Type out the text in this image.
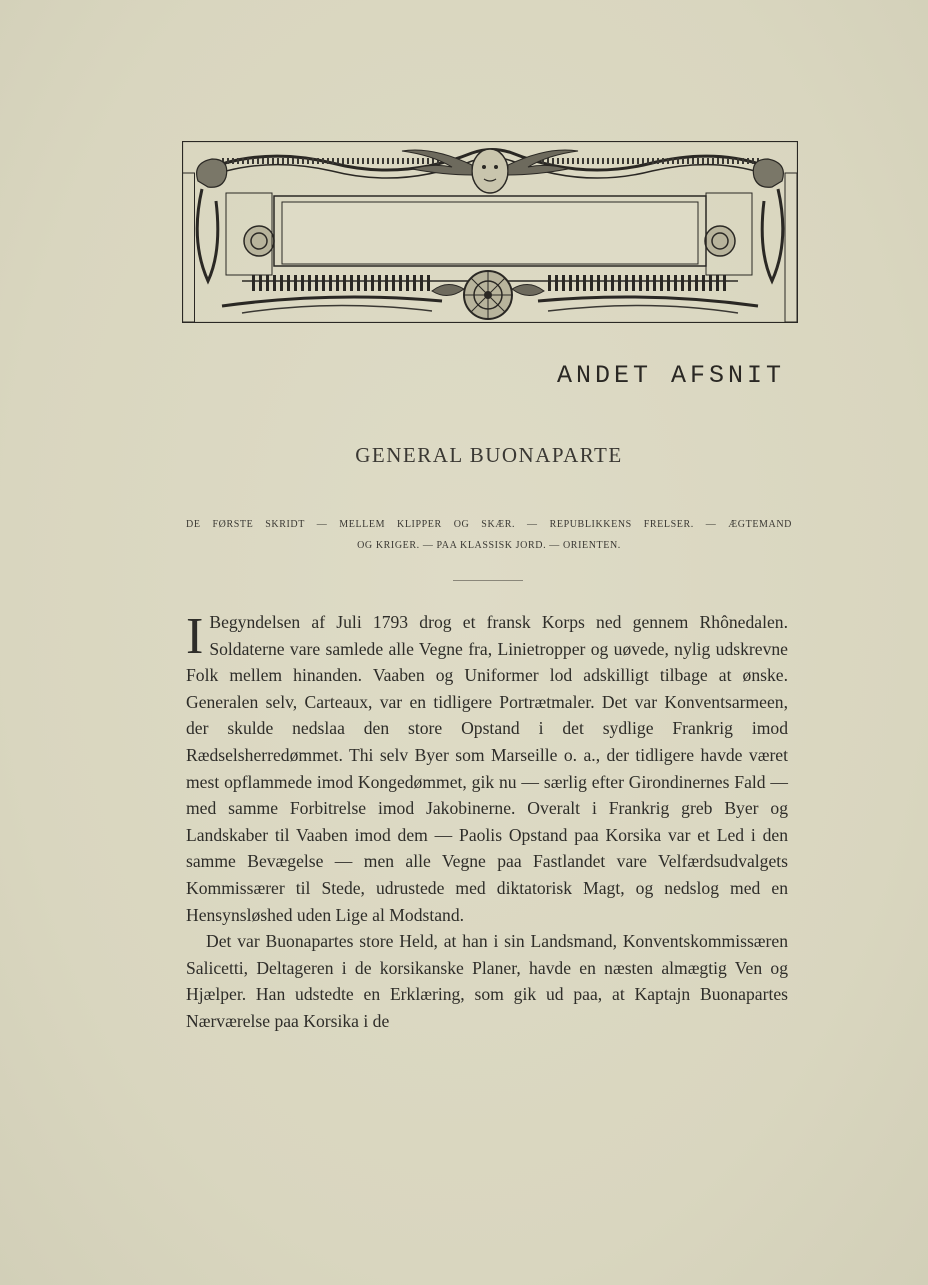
ANDET AFSNIT
GENERAL BUONAPARTE
DE FØRSTE SKRIDT — MELLEM KLIPPER OG SKÆR. — REPUBLIKKENS FRELSER. — ÆGTEMAND
OG KRIGER. — PAA KLASSISK JORD. — ORIENTEN.

I Begyndelsen af Juli 1793 drog et fransk Korps ned gennem Rhônedalen. Soldaterne vare samlede alle Vegne fra, Linietropper og uøvede, nylig udskrevne Folk mellem hinanden. Vaaben og Uniformer lod adskilligt tilbage at ønske. Generalen selv, Carteaux, var en tidligere Portrætmaler. Det var Konventsarmeen, der skulde nedslaa den store Opstand i det sydlige Frankrig imod Rædselsherredømmet. Thi selv Byer som Marseille o. a., der tidligere havde været mest opflammede imod Kongedømmet, gik nu — særlig efter Girondinernes Fald — med samme Forbitrelse imod Jakobinerne. Overalt i Frankrig greb Byer og Landskaber til Vaaben imod dem — Paolis Opstand paa Korsika var et Led i den samme Bevægelse — men alle Vegne paa Fastlandet vare Velfærdsudvalgets Kommissærer til Stede, udrustede med diktatorisk Magt, og nedslog med en Hensynsløshed uden Lige al Modstand.

Det var Buonapartes store Held, at han i sin Landsmand, Konventskommissæren Salicetti, Deltageren i de korsikanske Planer, havde en næsten almægtig Ven og Hjælper. Han udstedte en Erklæring, som gik ud paa, at Kaptajn Buonapartes Nærværelse paa Korsika i de
